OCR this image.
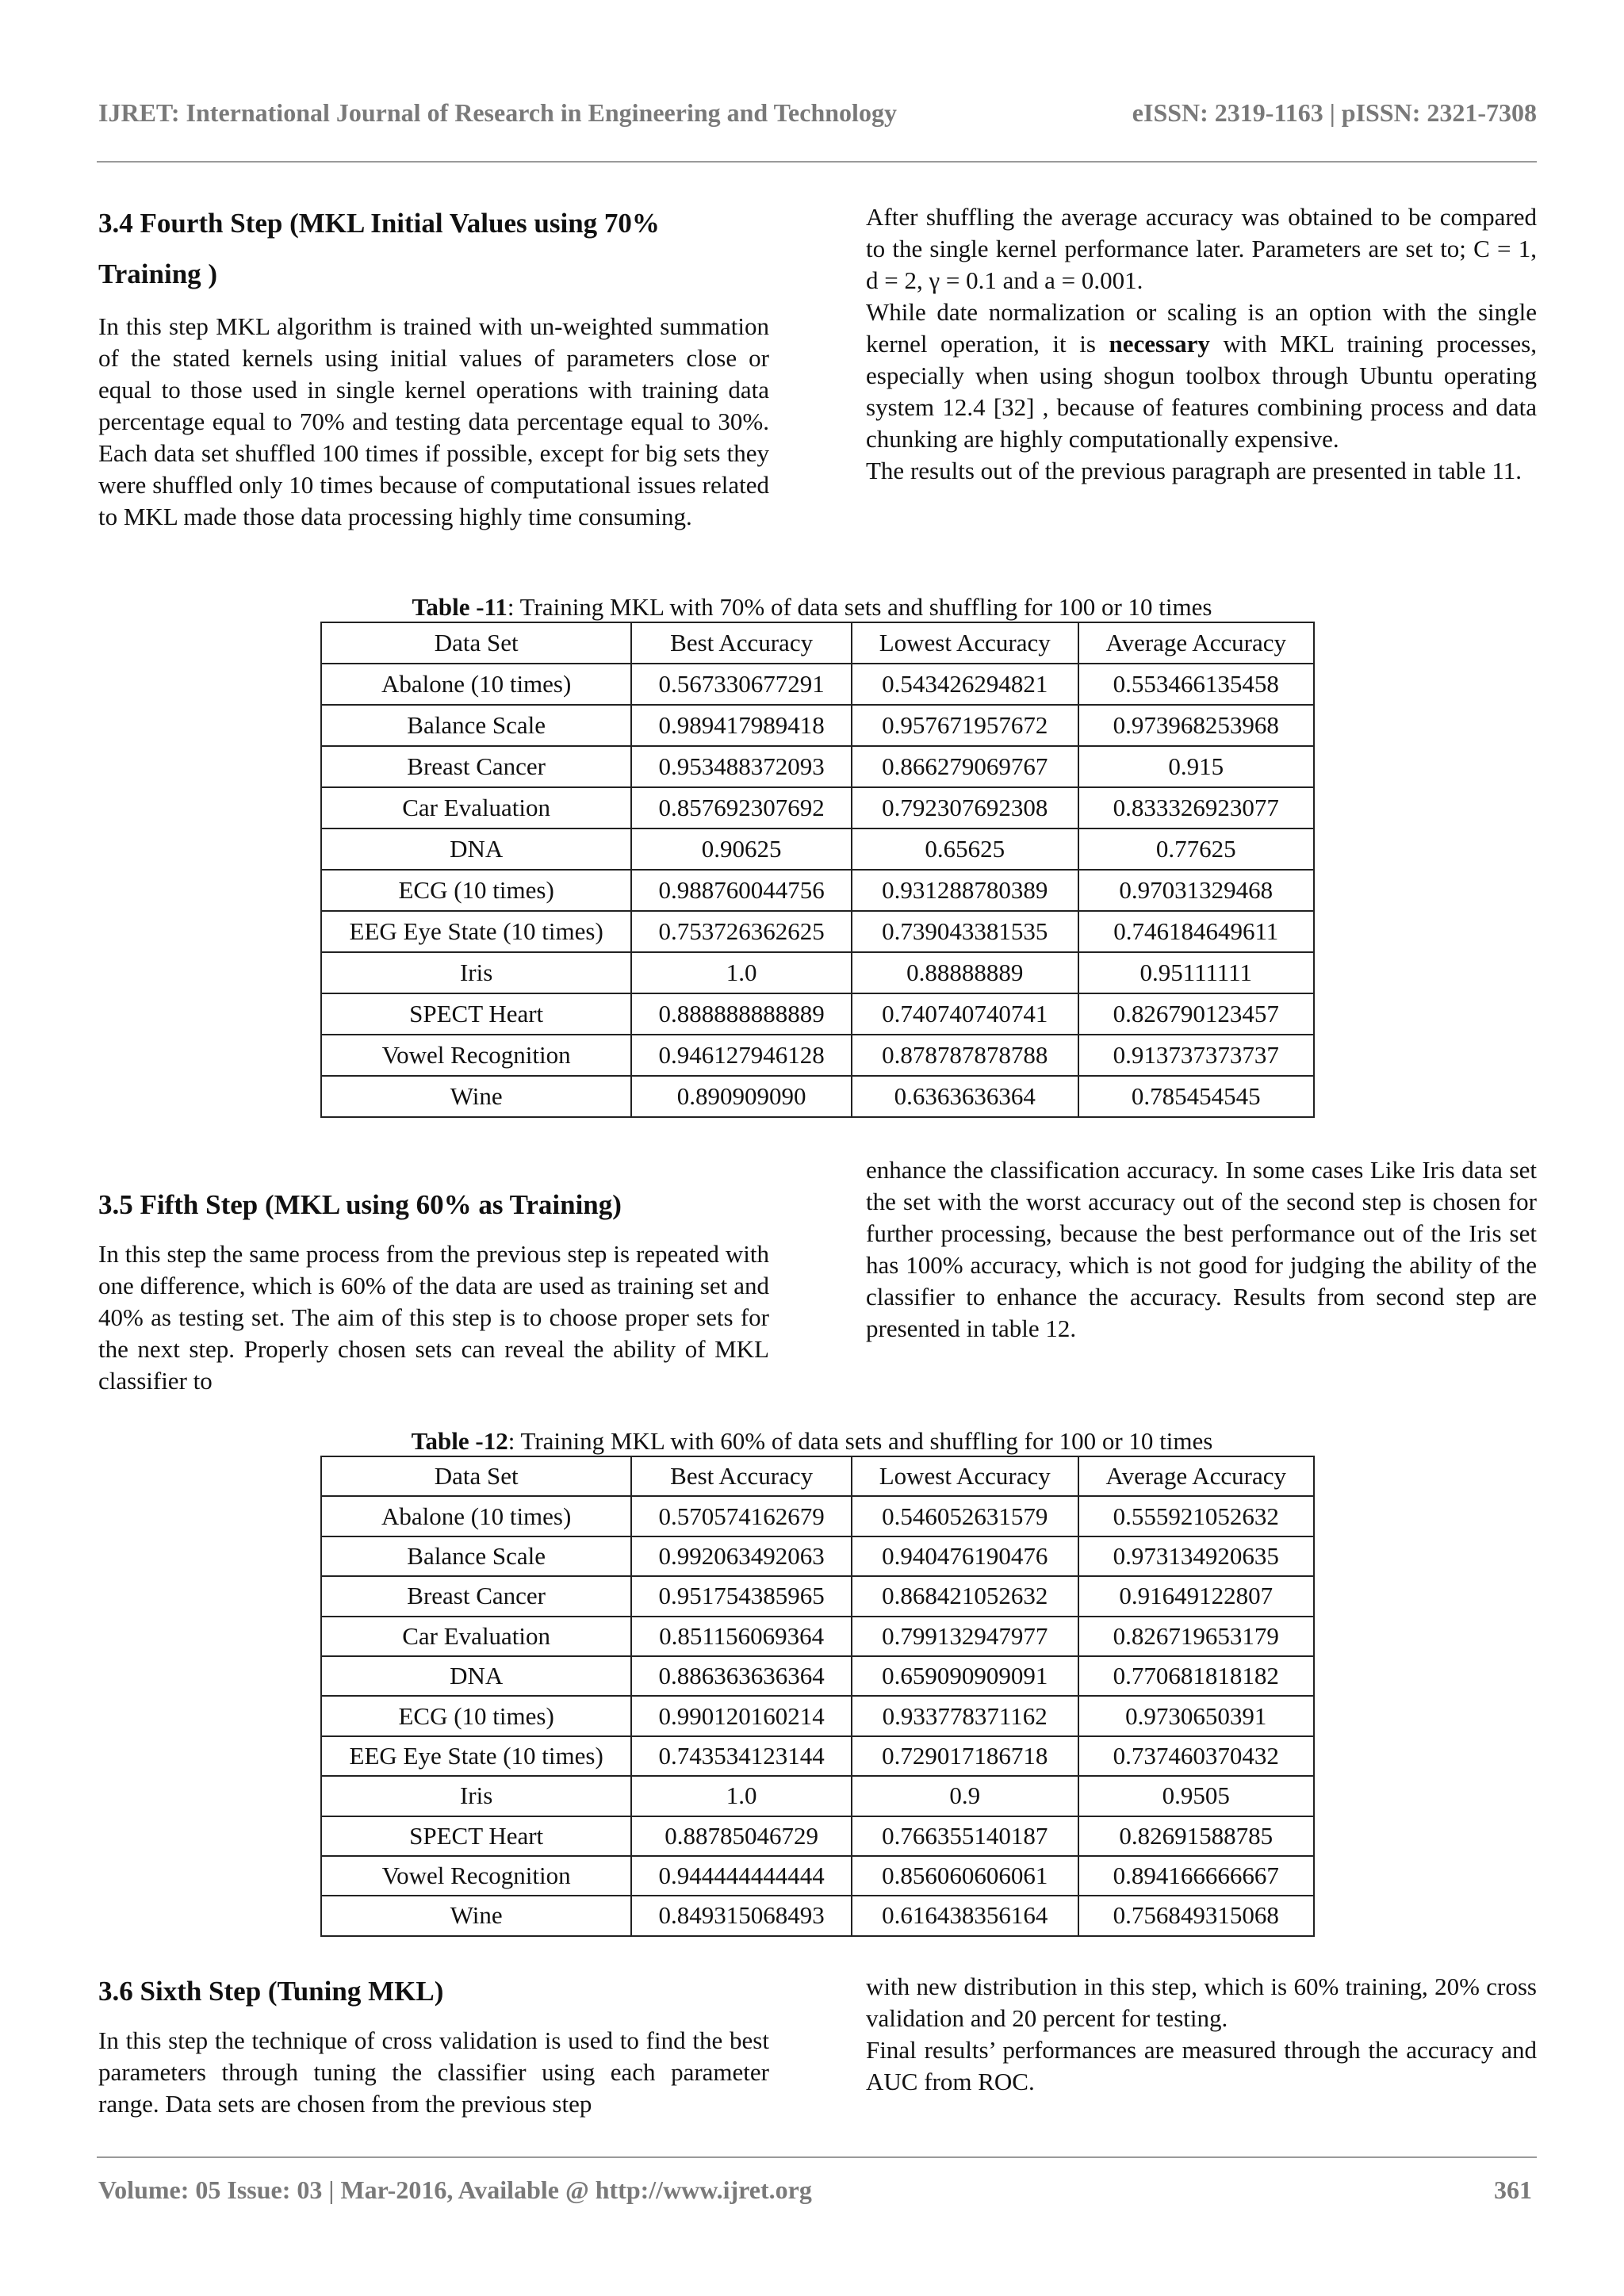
IJRET: International Journal of Research in Engineering and Technology	eISSN: 2319-1163 | pISSN: 2321-7308

3.4 Fourth Step (MKL Initial Values using 70%

Training )

In this step MKL algorithm is trained with un-weighted summation of the stated kernels using initial values of parameters close or equal to those used in single kernel operations with training data percentage equal to 70% and testing data percentage equal to 30%. Each data set shuffled 100 times if possible, except for big sets they were shuffled only 10 times because of computational issues related to MKL made those data processing highly time consuming.

After shuffling the average accuracy was obtained to be compared to the single kernel performance later. Parameters are set to; C = 1, d = 2, γ = 0.1 and a = 0.001.

While date normalization or scaling is an option with the single kernel operation, it is necessary with MKL training processes, especially when using shogun toolbox through Ubuntu operating system 12.4 [32] , because of features combining process and data chunking are highly computationally expensive.

The results out of the previous paragraph are presented in table 11.

Table -11: Training MKL with 70% of data sets and shuffling for 100 or 10 times
Data Set	Best Accuracy	Lowest Accuracy	Average Accuracy
Abalone (10 times)	0.567330677291	0.543426294821	0.553466135458
Balance Scale	0.989417989418	0.957671957672	0.973968253968
Breast Cancer	0.953488372093	0.866279069767	0.915
Car Evaluation	0.857692307692	0.792307692308	0.833326923077
DNA	0.90625	0.65625	0.77625
ECG (10 times)	0.988760044756	0.931288780389	0.97031329468
EEG Eye State (10 times)	0.753726362625	0.739043381535	0.746184649611
Iris	1.0	0.88888889	0.95111111
SPECT Heart	0.888888888889	0.740740740741	0.826790123457
Vowel Recognition	0.946127946128	0.878787878788	0.913737373737
Wine	0.890909090	0.6363636364	0.785454545

3.5 Fifth Step (MKL using 60% as Training)

In this step the same process from the previous step is repeated with one difference, which is 60% of the data are used as training set and 40% as testing set. The aim of this step is to choose proper sets for the next step. Properly chosen sets can reveal the ability of MKL classifier to

enhance the classification accuracy. In some cases Like Iris data set the set with the worst accuracy out of the second step is chosen for further processing, because the best performance out of the Iris set has 100% accuracy, which is not good for judging the ability of the classifier to enhance the accuracy. Results from second step are presented in table 12.

Table -12: Training MKL with 60% of data sets and shuffling for 100 or 10 times
Data Set	Best Accuracy	Lowest Accuracy	Average Accuracy
Abalone (10 times)	0.570574162679	0.546052631579	0.555921052632
Balance Scale	0.992063492063	0.940476190476	0.973134920635
Breast Cancer	0.951754385965	0.868421052632	0.91649122807
Car Evaluation	0.851156069364	0.799132947977	0.826719653179
DNA	0.886363636364	0.659090909091	0.770681818182
ECG (10 times)	0.990120160214	0.933778371162	0.9730650391
EEG Eye State (10 times)	0.743534123144	0.729017186718	0.737460370432
Iris	1.0	0.9	0.9505
SPECT Heart	0.88785046729	0.766355140187	0.82691588785
Vowel Recognition	0.944444444444	0.856060606061	0.894166666667
Wine	0.849315068493	0.616438356164	0.756849315068

3.6 Sixth Step (Tuning MKL)

In this step the technique of cross validation is used to find the best parameters through tuning the classifier using each parameter range. Data sets are chosen from the previous step

with new distribution in this step, which is 60% training, 20% cross validation and 20 percent for testing.

Final results’ performances are measured through the accuracy and AUC from ROC.

Volume: 05 Issue: 03 | Mar-2016, Available @ http://www.ijret.org	361
